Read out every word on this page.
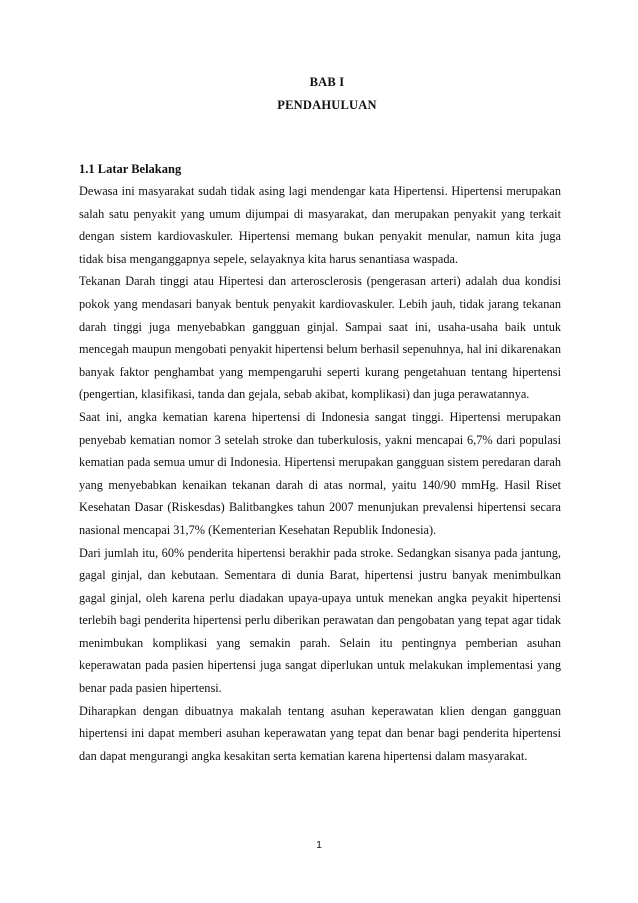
BAB I
PENDAHULUAN
1.1 Latar Belakang

Dewasa ini masyarakat sudah tidak asing lagi mendengar kata Hipertensi. Hipertensi merupakan salah satu penyakit yang umum dijumpai di masyarakat, dan merupakan penyakit yang terkait dengan sistem kardiovaskuler. Hipertensi memang bukan penyakit menular, namun kita juga tidak bisa menganggapnya sepele, selayaknya kita harus senantiasa waspada.

Tekanan Darah tinggi atau Hipertesi dan arterosclerosis (pengerasan arteri) adalah dua kondisi pokok yang mendasari banyak bentuk penyakit kardiovaskuler. Lebih jauh, tidak jarang tekanan darah tinggi juga menyebabkan gangguan ginjal. Sampai saat ini, usaha-usaha baik untuk mencegah maupun mengobati penyakit hipertensi belum berhasil sepenuhnya, hal ini dikarenakan banyak faktor penghambat yang mempengaruhi seperti kurang pengetahuan tentang hipertensi (pengertian, klasifikasi, tanda dan gejala, sebab akibat, komplikasi) dan juga perawatannya.

Saat ini, angka kematian karena hipertensi di Indonesia sangat tinggi. Hipertensi merupakan penyebab kematian nomor 3 setelah stroke dan tuberkulosis, yakni mencapai 6,7% dari populasi kematian pada semua umur di Indonesia. Hipertensi merupakan gangguan sistem peredaran darah yang menyebabkan kenaikan tekanan darah di atas normal, yaitu 140/90 mmHg. Hasil Riset Kesehatan Dasar (Riskesdas) Balitbangkes tahun 2007 menunjukan prevalensi hipertensi secara nasional mencapai 31,7% (Kementerian Kesehatan Republik Indonesia).

Dari jumlah itu, 60% penderita hipertensi berakhir pada stroke. Sedangkan sisanya pada jantung, gagal ginjal, dan kebutaan. Sementara di dunia Barat, hipertensi justru banyak menimbulkan gagal ginjal, oleh karena perlu diadakan upaya-upaya untuk menekan angka peyakit hipertensi terlebih bagi penderita hipertensi perlu diberikan perawatan dan pengobatan yang tepat agar tidak menimbukan komplikasi yang semakin parah. Selain itu pentingnya pemberian asuhan keperawatan pada pasien hipertensi juga sangat diperlukan untuk melakukan implementasi yang benar pada pasien hipertensi.

Diharapkan dengan dibuatnya makalah tentang asuhan keperawatan klien dengan gangguan hipertensi ini dapat memberi asuhan keperawatan yang tepat dan benar bagi penderita hipertensi dan dapat mengurangi angka kesakitan serta kematian karena hipertensi dalam masyarakat.

1
